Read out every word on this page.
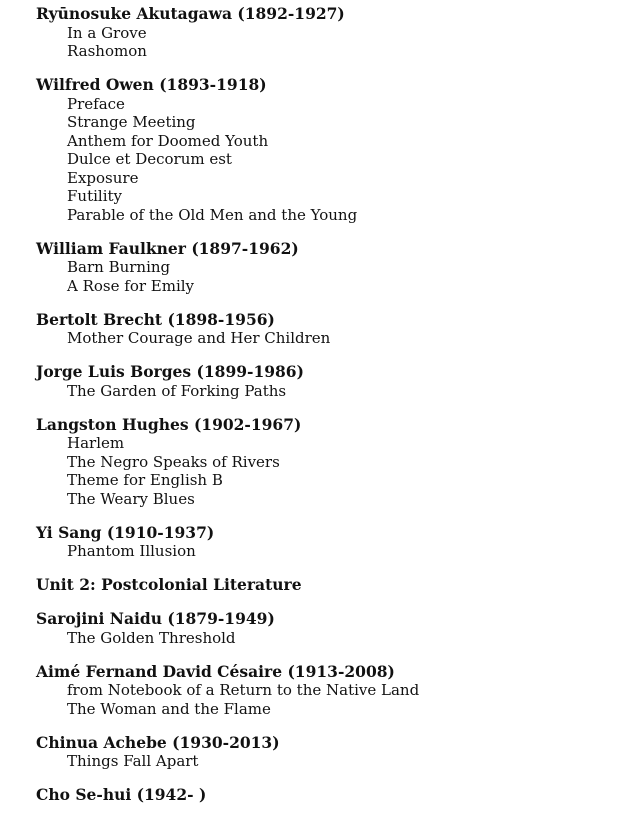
Ryūnosuke Akutagawa (1892-1927)
In a Grove
Rashomon
Wilfred Owen (1893-1918)
Preface
Strange Meeting
Anthem for Doomed Youth
Dulce et Decorum est
Exposure
Futility
Parable of the Old Men and the Young
William Faulkner (1897-1962)
Barn Burning
A Rose for Emily
Bertolt Brecht (1898-1956)
Mother Courage and Her Children
Jorge Luis Borges (1899-1986)
The Garden of Forking Paths
Langston Hughes (1902-1967)
Harlem
The Negro Speaks of Rivers
Theme for English B
The Weary Blues
Yi Sang (1910-1937)
Phantom Illusion
Unit 2: Postcolonial Literature
Sarojini Naidu (1879-1949)
The Golden Threshold
Aimé Fernand David Césaire (1913-2008)
from Notebook of a Return to the Native Land
The Woman and the Flame
Chinua Achebe (1930-2013)
Things Fall Apart
Cho Se-hui (1942- )
